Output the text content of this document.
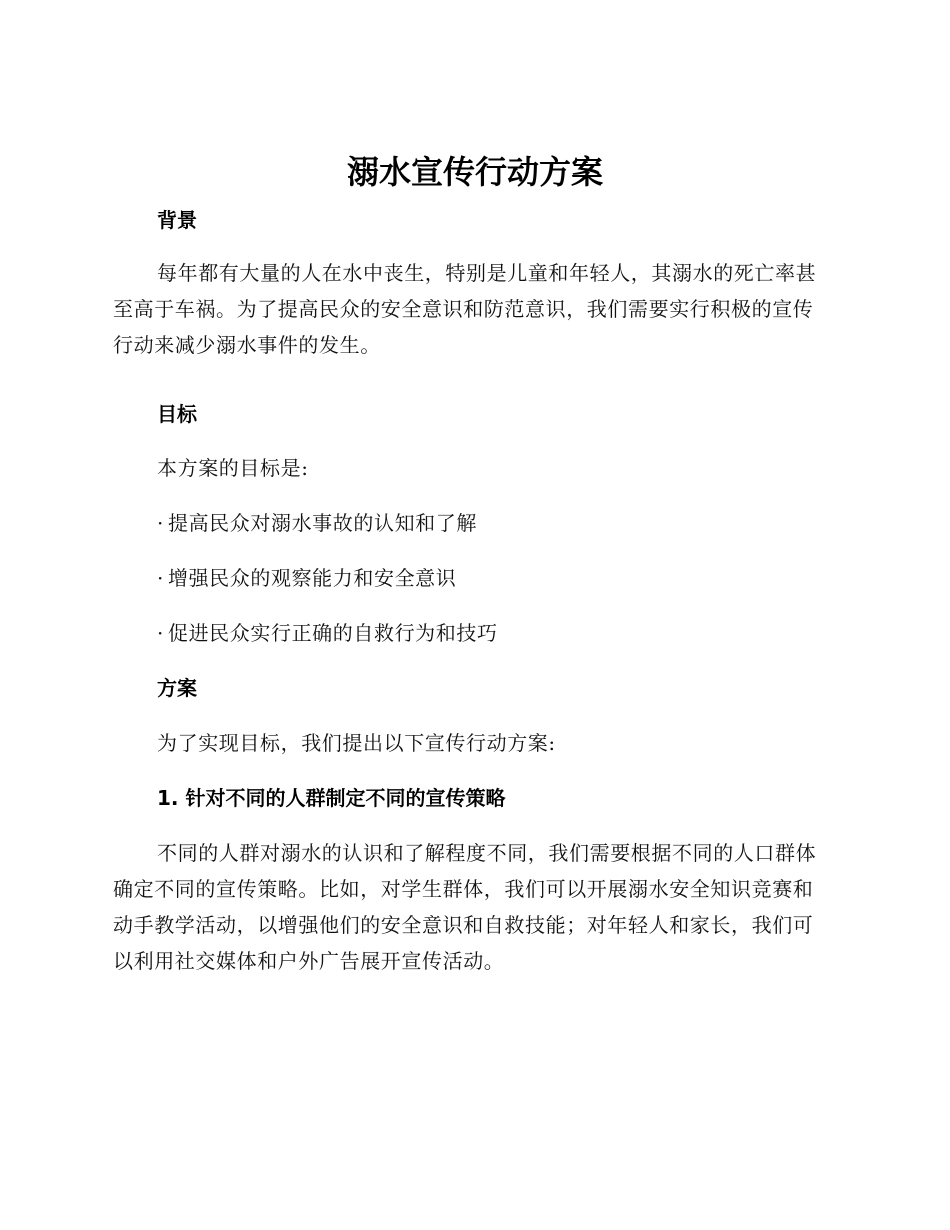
溺水宣传行动方案
背景

每年都有大量的人在水中丧生，特别是儿童和年轻人，其溺水的死亡率甚至高于车祸。为了提高民众的安全意识和防范意识，我们需要实行积极的宣传行动来减少溺水事件的发生。

目标

本方案的目标是:

· 提高民众对溺水事故的认知和了解

· 增强民众的观察能力和安全意识

· 促进民众实行正确的自救行为和技巧

方案

为了实现目标，我们提出以下宣传行动方案:

1. 针对不同的人群制定不同的宣传策略

不同的人群对溺水的认识和了解程度不同，我们需要根据不同的人口群体确定不同的宣传策略。比如，对学生群体，我们可以开展溺水安全知识竞赛和动手教学活动，以增强他们的安全意识和自救技能；对年轻人和家长，我们可以利用社交媒体和户外广告展开宣传活动。
